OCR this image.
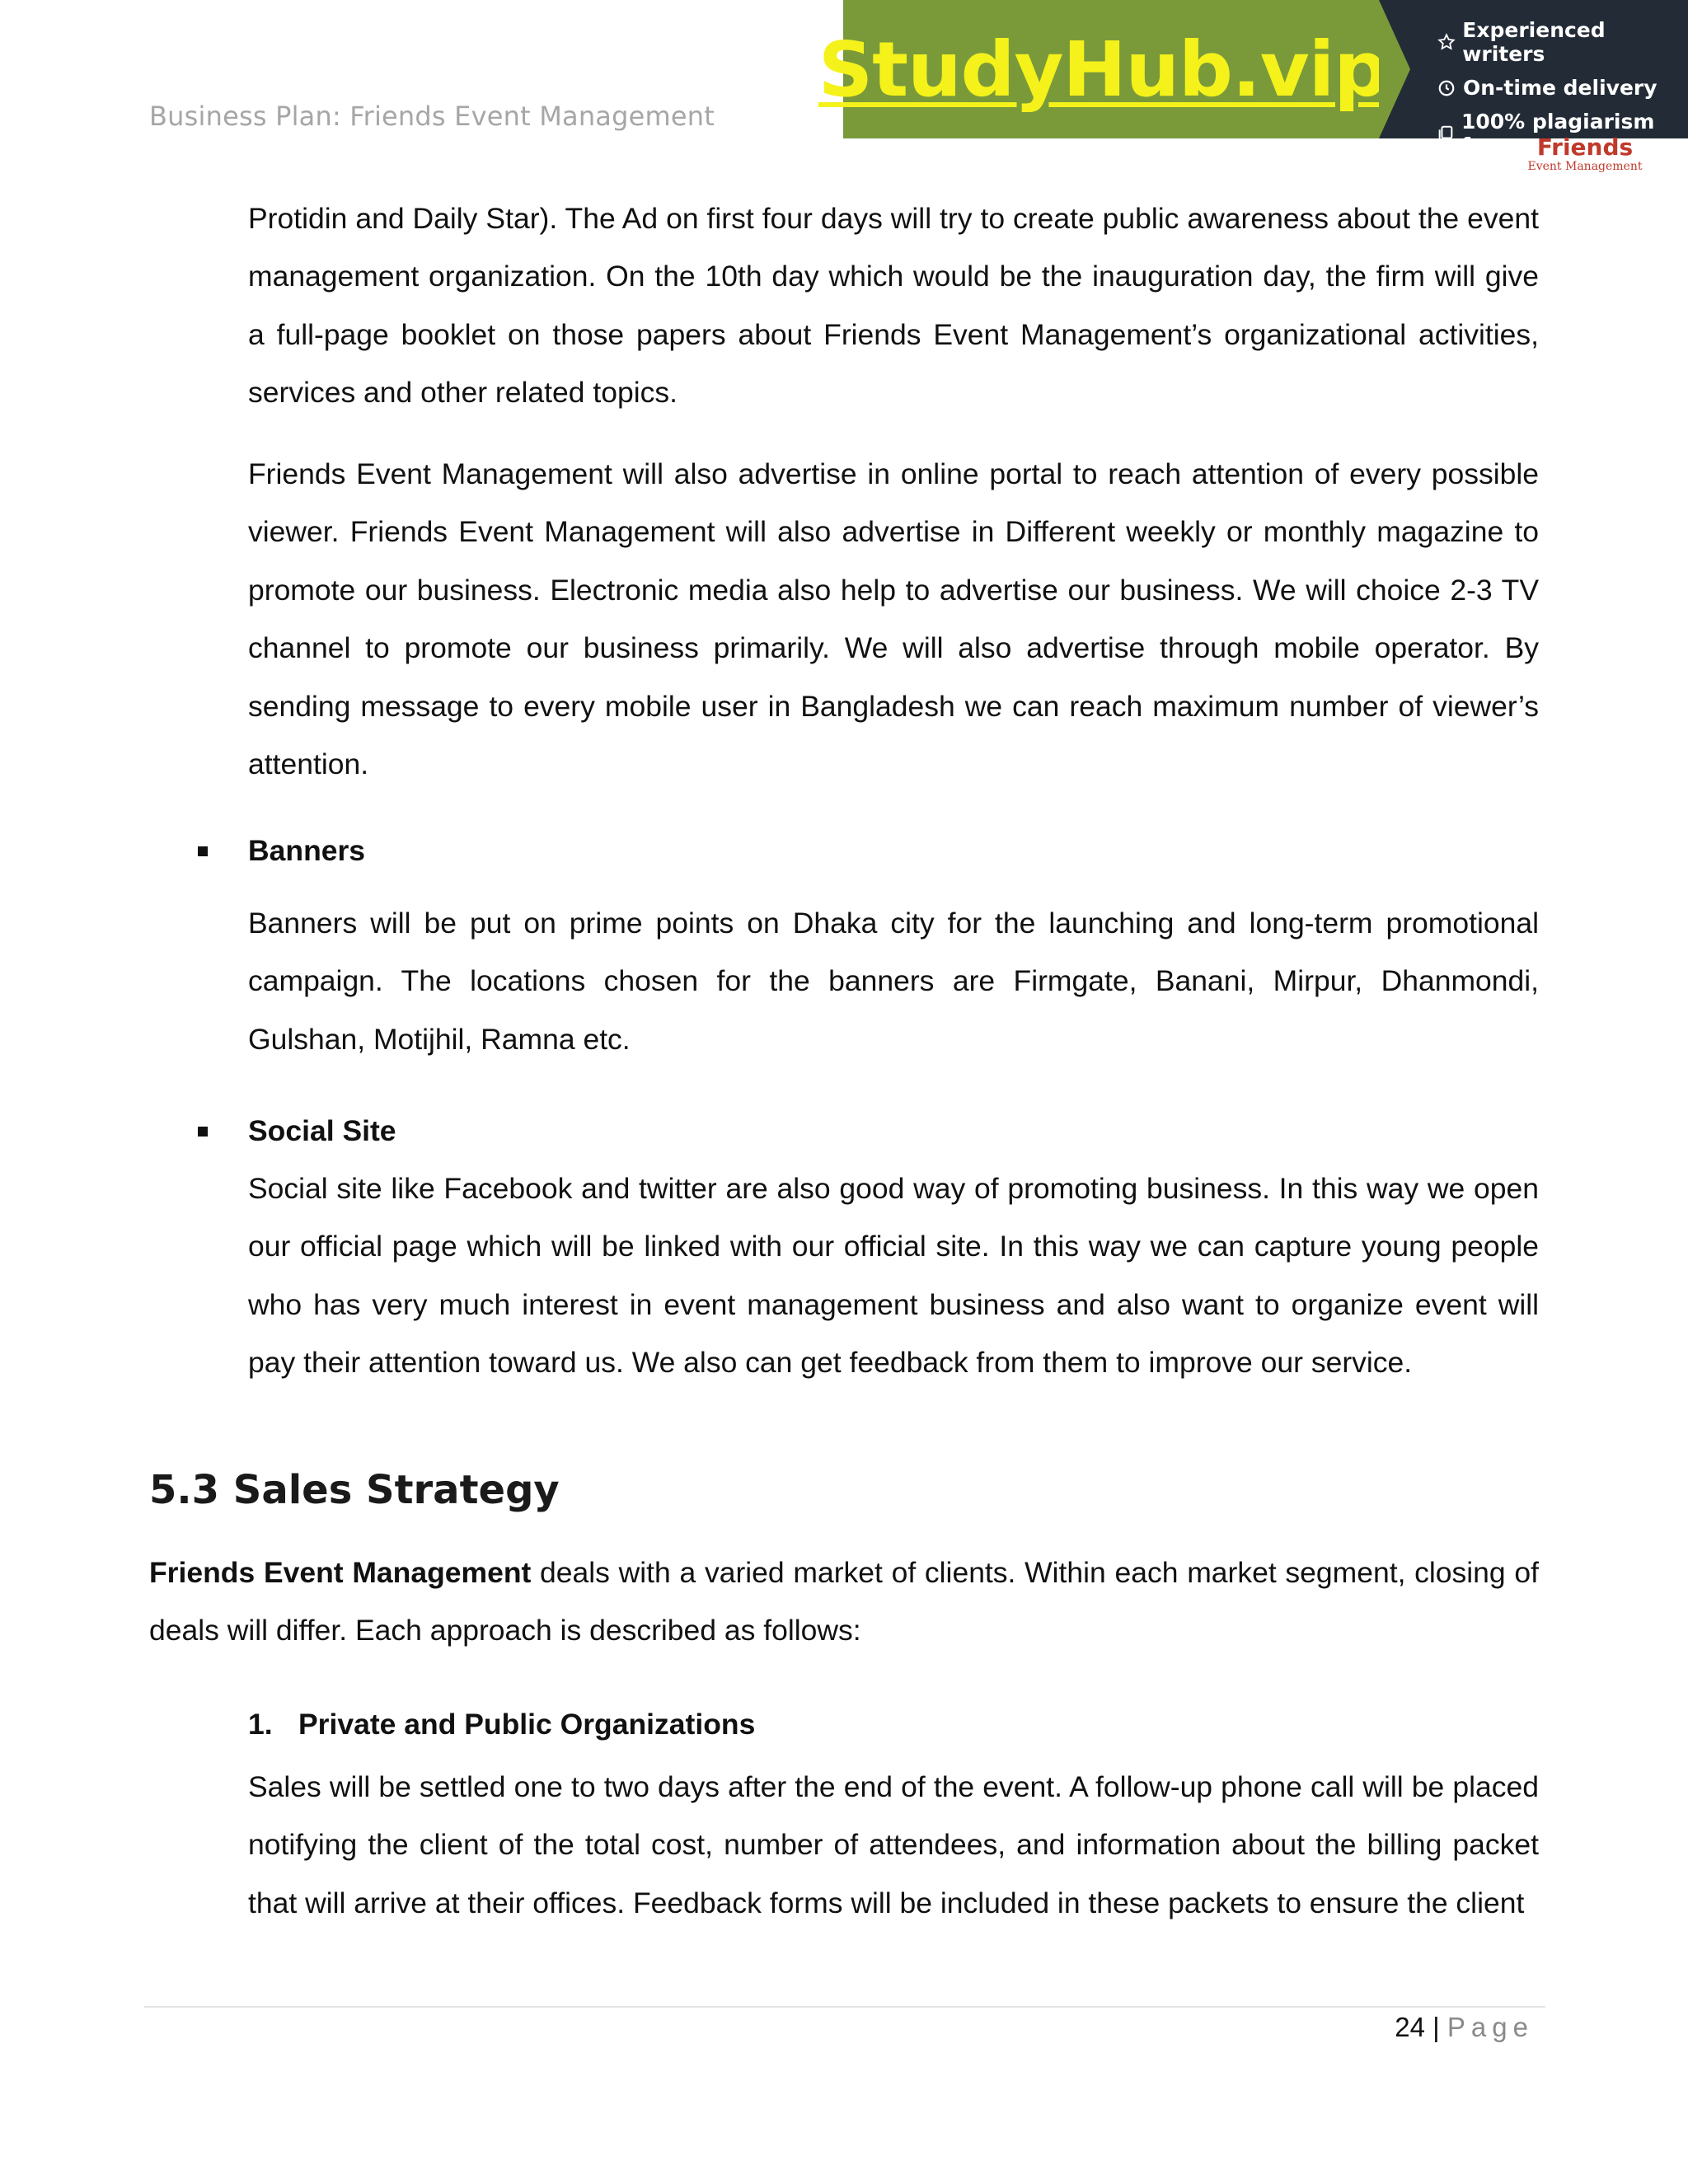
Business Plan: Friends Event Management
StudyHub.vip	Experienced writers
On-time delivery
100% plagiarism free	Friends
Event Management

Protidin and Daily Star). The Ad on first four days will try to create public awareness about the event management organization. On the 10th day which would be the inauguration day, the firm will give a full-page booklet on those papers about Friends Event Management’s organizational activities, services and other related topics.

Friends Event Management will also advertise in online portal to reach attention of every possible viewer. Friends Event Management will also advertise in Different weekly or monthly magazine to promote our business. Electronic media also help to advertise our business. We will choice 2-3 TV channel to promote our business primarily. We will also advertise through mobile operator. By sending message to every mobile user in Bangladesh we can reach maximum number of viewer’s attention.

Banners

Banners will be put on prime points on Dhaka city for the launching and long-term promotional campaign. The locations chosen for the banners are Firmgate, Banani, Mirpur, Dhanmondi, Gulshan, Motijhil, Ramna etc.

Social Site

Social site like Facebook and twitter are also good way of promoting business. In this way we open our official page which will be linked with our official site. In this way we can capture young people who has very much interest in event management business and also want to organize event will pay their attention toward us. We also can get feedback from them to improve our service.

5.3 Sales Strategy

Friends Event Management deals with a varied market of clients. Within each market segment, closing of deals will differ. Each approach is described as follows:

1. Private and Public Organizations

Sales will be settled one to two days after the end of the event. A follow-up phone call will be placed notifying the client of the total cost, number of attendees, and information about the billing packet that will arrive at their offices. Feedback forms will be included in these packets to ensure the client

24 | Page
